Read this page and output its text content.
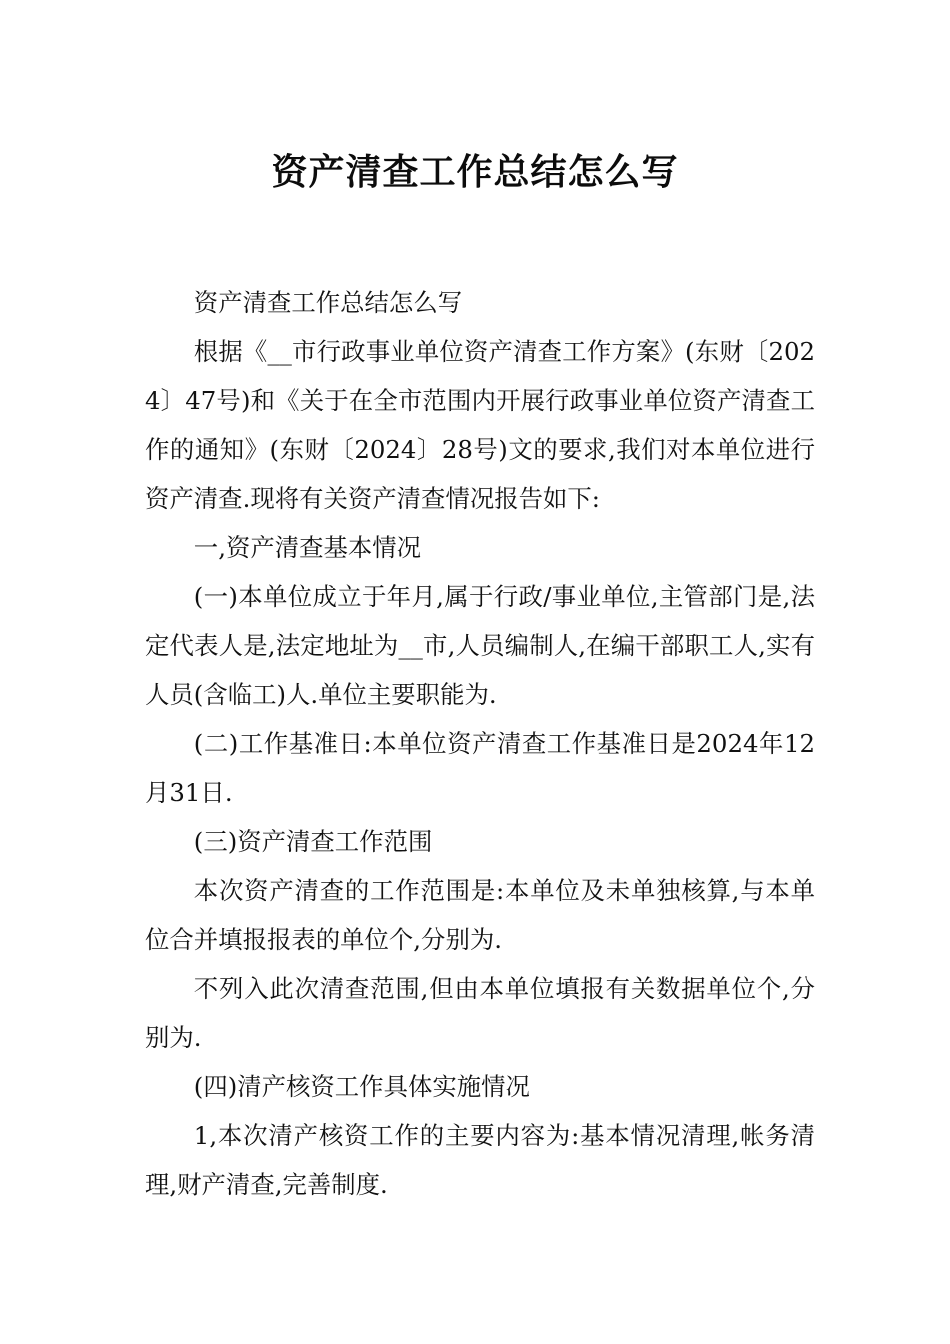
资产清查工作总结怎么写

资产清查工作总结怎么写

根据《__市行政事业单位资产清查工作方案》(东财〔2024〕47号)和《关于在全市范围内开展行政事业单位资产清查工作的通知》(东财〔2024〕28号)文的要求,我们对本单位进行资产清查.现将有关资产清查情况报告如下:

一,资产清查基本情况

(一)本单位成立于年月,属于行政/事业单位,主管部门是,法定代表人是,法定地址为__市,人员编制人,在编干部职工人,实有人员(含临工)人.单位主要职能为.

(二)工作基准日:本单位资产清查工作基准日是2024年12月31日.

(三)资产清查工作范围

本次资产清查的工作范围是:本单位及未单独核算,与本单位合并填报报表的单位个,分别为.

不列入此次清查范围,但由本单位填报有关数据单位个,分别为.

(四)清产核资工作具体实施情况

1,本次清产核资工作的主要内容为:基本情况清理,帐务清理,财产清查,完善制度.
